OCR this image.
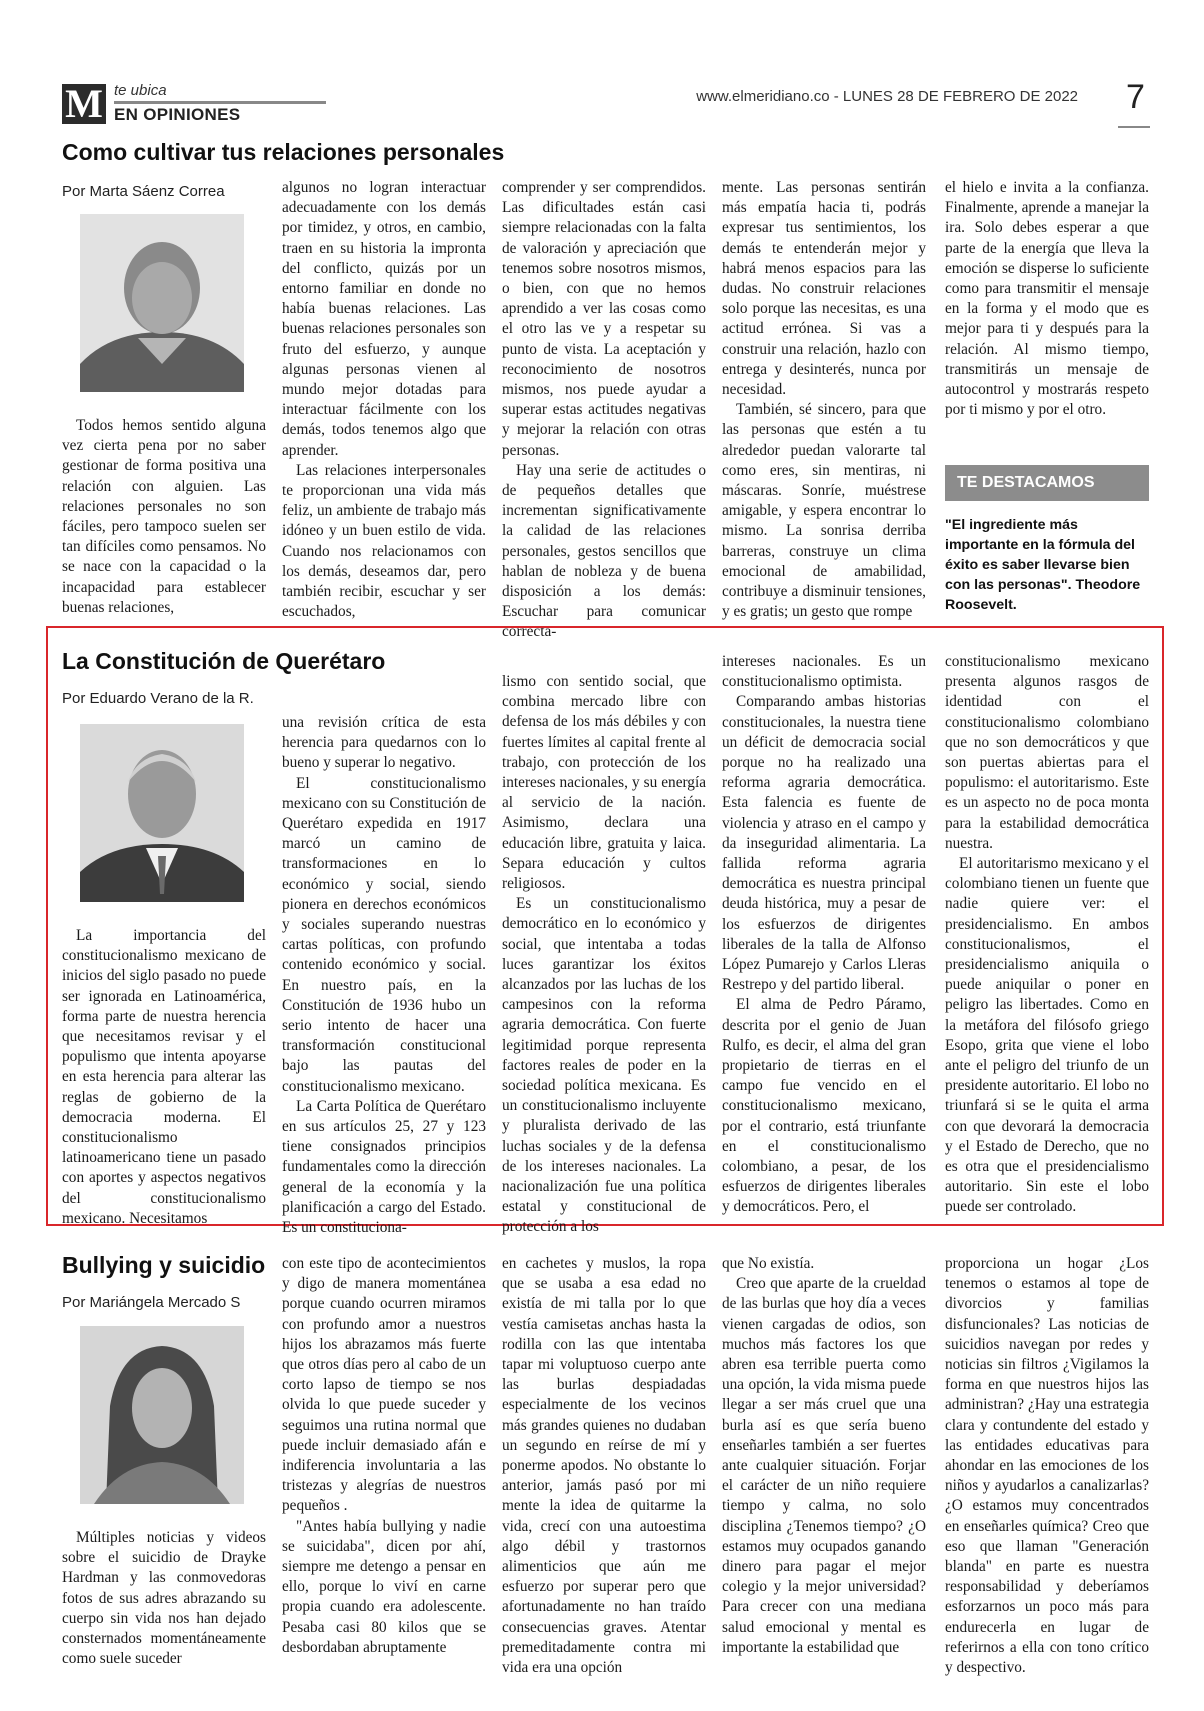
M te ubica
EN OPINIONES
www.elmeridiano.co - LUNES 28 DE FEBRERO DE 2022 7
Como cultivar tus relaciones personales
Por Marta Sáenz Correa

Todos hemos sentido alguna vez cierta pena por no saber gestionar de forma positiva una relación con alguien. Las relaciones personales no son fáciles, pero tampoco suelen ser tan difíciles como pensamos. No se nace con la capacidad o la incapacidad para establecer buenas relaciones,

algunos no logran interactuar adecuadamente con los demás por timidez, y otros, en cambio, traen en su historia la impronta del conflicto, quizás por un entorno familiar en donde no había buenas relaciones. Las buenas relaciones personales son fruto del esfuerzo, y aunque algunas personas vienen al mundo mejor dotadas para interactuar fácilmente con los demás, todos tenemos algo que aprender.

Las relaciones interpersonales te proporcionan una vida más feliz, un ambiente de trabajo más idóneo y un buen estilo de vida. Cuando nos relacionamos con los demás, deseamos dar, pero también recibir, escuchar y ser escuchados,

comprender y ser comprendidos. Las dificultades están casi siempre relacionadas con la falta de valoración y apreciación que tenemos sobre nosotros mismos, o bien, con que no hemos aprendido a ver las cosas como el otro las ve y a respetar su punto de vista. La aceptación y reconocimiento de nosotros mismos, nos puede ayudar a superar estas actitudes negativas y mejorar la relación con otras personas.

Hay una serie de actitudes o de pequeños detalles que incrementan significativamente la calidad de las relaciones personales, gestos sencillos que hablan de nobleza y de buena disposición a los demás: Escuchar para comunicar correcta-

mente. Las personas sentirán más empatía hacia ti, podrás expresar tus sentimientos, los demás te entenderán mejor y habrá menos espacios para las dudas. No construir relaciones solo porque las necesitas, es una actitud errónea. Si vas a construir una relación, hazlo con entrega y desinterés, nunca por necesidad.

También, sé sincero, para que las personas que estén a tu alrededor puedan valorarte tal como eres, sin mentiras, ni máscaras. Sonríe, muéstrese amigable, y espera encontrar lo mismo. La sonrisa derriba barreras, construye un clima emocional de amabilidad, contribuye a disminuir tensiones, y es gratis; un gesto que rompe

el hielo e invita a la confianza. Finalmente, aprende a manejar la ira. Solo debes esperar a que parte de la energía que lleva la emoción se disperse lo suficiente como para transmitir el mensaje en la forma y el modo que es mejor para ti y después para la relación. Al mismo tiempo, transmitirás un mensaje de autocontrol y mostrarás respeto por ti mismo y por el otro.

TE DESTACAMOS
"El ingrediente más importante en la fórmula del éxito es saber llevarse bien con las personas". Theodore Roosevelt.
La Constitución de Querétaro
Por Eduardo Verano de la R.

La importancia del constitucionalismo mexicano de inicios del siglo pasado no puede ser ignorada en Latinoamérica, forma parte de nuestra herencia que necesitamos revisar y el populismo que intenta apoyarse en esta herencia para alterar las reglas de gobierno de la democracia moderna. El constitucionalismo latinoamericano tiene un pasado con aportes y aspectos negativos del constitucionalismo mexicano. Necesitamos

una revisión crítica de esta herencia para quedarnos con lo bueno y superar lo negativo.

El constitucionalismo mexicano con su Constitución de Querétaro expedida en 1917 marcó un camino de transformaciones en lo económico y social, siendo pionera en derechos económicos y sociales superando nuestras cartas políticas, con profundo contenido económico y social. En nuestro país, en la Constitución de 1936 hubo un serio intento de hacer una transformación constitucional bajo las pautas del constitucionalismo mexicano.

La Carta Política de Querétaro en sus artículos 25, 27 y 123 tiene consignados principios fundamentales como la dirección general de la economía y la planificación a cargo del Estado. Es un constituciona-

lismo con sentido social, que combina mercado libre con defensa de los más débiles y con fuertes límites al capital frente al trabajo, con protección de los intereses nacionales, y su energía al servicio de la nación. Asimismo, declara una educación libre, gratuita y laica. Separa educación y cultos religiosos.

Es un constitucionalismo democrático en lo económico y social, que intentaba a todas luces garantizar los éxitos alcanzados por las luchas de los campesinos con la reforma agraria democrática. Con fuerte legitimidad porque representa factores reales de poder en la sociedad política mexicana. Es un constitucionalismo incluyente y pluralista derivado de las luchas sociales y de la defensa de los intereses nacionales. La nacionalización fue una política estatal y constitucional de protección a los

intereses nacionales. Es un constitucionalismo optimista.

Comparando ambas historias constitucionales, la nuestra tiene un déficit de democracia social porque no ha realizado una reforma agraria democrática. Esta falencia es fuente de violencia y atraso en el campo y da inseguridad alimentaria. La fallida reforma agraria democrática es nuestra principal deuda histórica, muy a pesar de los esfuerzos de dirigentes liberales de la talla de Alfonso López Pumarejo y Carlos Lleras Restrepo y del partido liberal.

El alma de Pedro Páramo, descrita por el genio de Juan Rulfo, es decir, el alma del gran propietario de tierras en el campo fue vencido en el constitucionalismo mexicano, por el contrario, está triunfante en el constitucionalismo colombiano, a pesar, de los esfuerzos de dirigentes liberales y democráticos. Pero, el

constitucionalismo mexicano presenta algunos rasgos de identidad con el constitucionalismo colombiano que no son democráticos y que son puertas abiertas para el populismo: el autoritarismo. Este es un aspecto no de poca monta para la estabilidad democrática nuestra.

El autoritarismo mexicano y el colombiano tienen un fuente que nadie quiere ver: el presidencialismo. En ambos constitucionalismos, el presidencialismo aniquila o puede aniquilar o poner en peligro las libertades. Como en la metáfora del filósofo griego Esopo, grita que viene el lobo ante el peligro del triunfo de un presidente autoritario. El lobo no triunfará si se le quita el arma con que devorará la democracia y el Estado de Derecho, que no es otra que el presidencialismo autoritario. Sin este el lobo puede ser controlado.

Bullying y suicidio
Por Mariángela Mercado S

Múltiples noticias y videos sobre el suicidio de Drayke Hardman y las conmovedoras fotos de sus adres abrazando su cuerpo sin vida nos han dejado consternados momentáneamente como suele suceder

con este tipo de acontecimientos y digo de manera momentánea porque cuando ocurren miramos con profundo amor a nuestros hijos los abrazamos más fuerte que otros días pero al cabo de un corto lapso de tiempo se nos olvida lo que puede suceder y seguimos una rutina normal que puede incluir demasiado afán e indiferencia involuntaria a las tristezas y alegrías de nuestros pequeños .

"Antes había bullying y nadie se suicidaba", dicen por ahí, siempre me detengo a pensar en ello, porque lo viví en carne propia cuando era adolescente. Pesaba casi 80 kilos que se desbordaban abruptamente

en cachetes y muslos, la ropa que se usaba a esa edad no existía de mi talla por lo que vestía camisetas anchas hasta la rodilla con las que intentaba tapar mi voluptuoso cuerpo ante las burlas despiadadas especialmente de los vecinos más grandes quienes no dudaban un segundo en reírse de mí y ponerme apodos. No obstante lo anterior, jamás pasó por mi mente la idea de quitarme la vida, crecí con una autoestima algo débil y trastornos alimenticios que aún me esfuerzo por superar pero que afortunadamente no han traído consecuencias graves. Atentar premeditadamente contra mi vida era una opción

que No existía.

Creo que aparte de la crueldad de las burlas que hoy día a veces vienen cargadas de odios, son muchos más factores los que abren esa terrible puerta como una opción, la vida misma puede llegar a ser más cruel que una burla así es que sería bueno enseñarles también a ser fuertes ante cualquier situación. Forjar el carácter de un niño requiere tiempo y calma, no solo disciplina ¿Tenemos tiempo? ¿O estamos muy ocupados ganando dinero para pagar el mejor colegio y la mejor universidad? Para crecer con una mediana salud emocional y mental es importante la estabilidad que

proporciona un hogar ¿Los tenemos o estamos al tope de divorcios y familias disfuncionales? Las noticias de suicidios navegan por redes y noticias sin filtros ¿Vigilamos la forma en que nuestros hijos las administran? ¿Hay una estrategia clara y contundente del estado y las entidades educativas para ahondar en las emociones de los niños y ayudarlos a canalizarlas? ¿O estamos muy concentrados en enseñarles química? Creo que eso que llaman "Generación blanda" en parte es nuestra responsabilidad y deberíamos esforzarnos un poco más para endurecerla en lugar de referirnos a ella con tono crítico y despectivo.
